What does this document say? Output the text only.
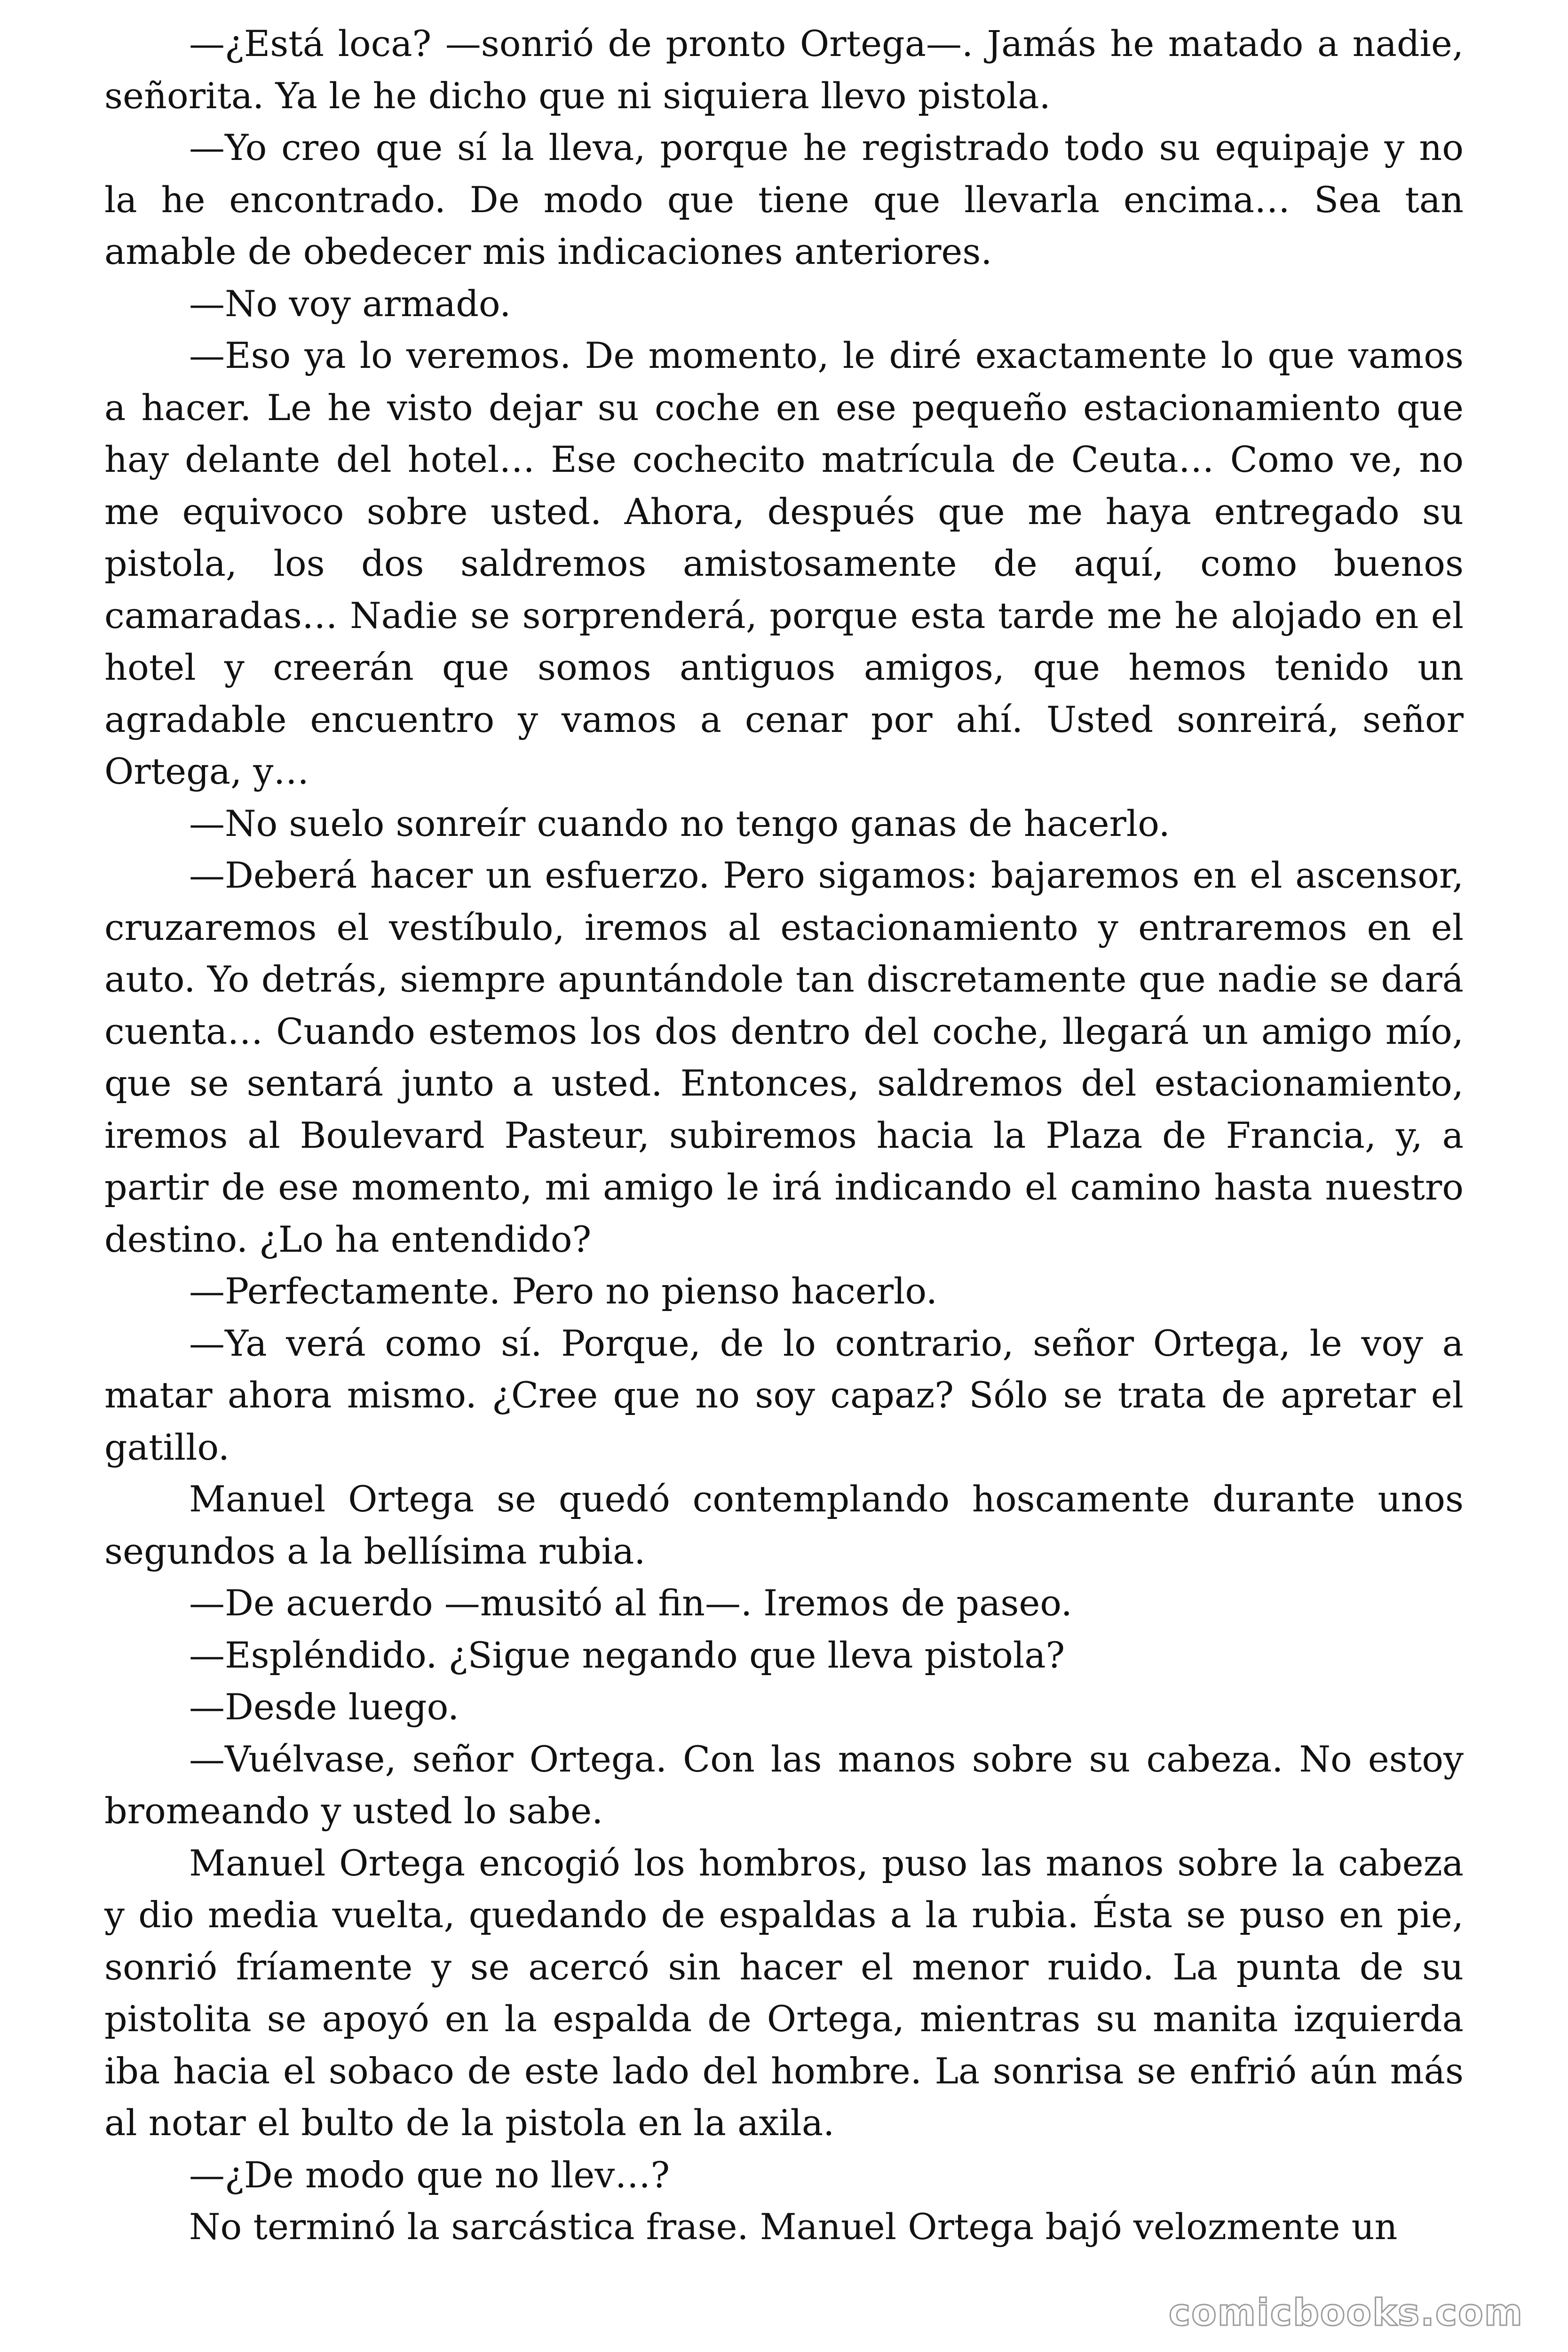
—¿Está loca? —sonrió de pronto Ortega—. Jamás he matado a nadie, señorita. Ya le he dicho que ni siquiera llevo pistola.

—Yo creo que sí la lleva, porque he registrado todo su equipaje y no la he encontrado. De modo que tiene que llevarla encima… Sea tan amable de obedecer mis indicaciones anteriores.

—No voy armado.

—Eso ya lo veremos. De momento, le diré exactamente lo que vamos a hacer. Le he visto dejar su coche en ese pequeño estacionamiento que hay delante del hotel… Ese cochecito matrícula de Ceuta… Como ve, no me equivoco sobre usted. Ahora, después que me haya entregado su pistola, los dos saldremos amistosamente de aquí, como buenos camaradas… Nadie se sorprenderá, porque esta tarde me he alojado en el hotel y creerán que somos antiguos amigos, que hemos tenido un agradable encuentro y vamos a cenar por ahí. Usted sonreirá, señor Ortega, y…

—No suelo sonreír cuando no tengo ganas de hacerlo.

—Deberá hacer un esfuerzo. Pero sigamos: bajaremos en el ascensor, cruzaremos el vestíbulo, iremos al estacionamiento y entraremos en el auto. Yo detrás, siempre apuntándole tan discretamente que nadie se dará cuenta… Cuando estemos los dos dentro del coche, llegará un amigo mío, que se sentará junto a usted. Entonces, saldremos del estacionamiento, iremos al Boulevard Pasteur, subiremos hacia la Plaza de Francia, y, a partir de ese momento, mi amigo le irá indicando el camino hasta nuestro destino. ¿Lo ha entendido?

—Perfectamente. Pero no pienso hacerlo.

—Ya verá como sí. Porque, de lo contrario, señor Ortega, le voy a matar ahora mismo. ¿Cree que no soy capaz? Sólo se trata de apretar el gatillo.

Manuel Ortega se quedó contemplando hoscamente durante unos segundos a la bellísima rubia.

—De acuerdo —musitó al fin—. Iremos de paseo.

—Espléndido. ¿Sigue negando que lleva pistola?

—Desde luego.

—Vuélvase, señor Ortega. Con las manos sobre su cabeza. No estoy bromeando y usted lo sabe.

Manuel Ortega encogió los hombros, puso las manos sobre la cabeza y dio media vuelta, quedando de espaldas a la rubia. Ésta se puso en pie, sonrió fríamente y se acercó sin hacer el menor ruido. La punta de su pistolita se apoyó en la espalda de Ortega, mientras su manita izquierda iba hacia el sobaco de este lado del hombre. La sonrisa se enfrió aún más al notar el bulto de la pistola en la axila.

—¿De modo que no llev…?

No terminó la sarcástica frase. Manuel Ortega bajó velozmente un

comicbooks.com
